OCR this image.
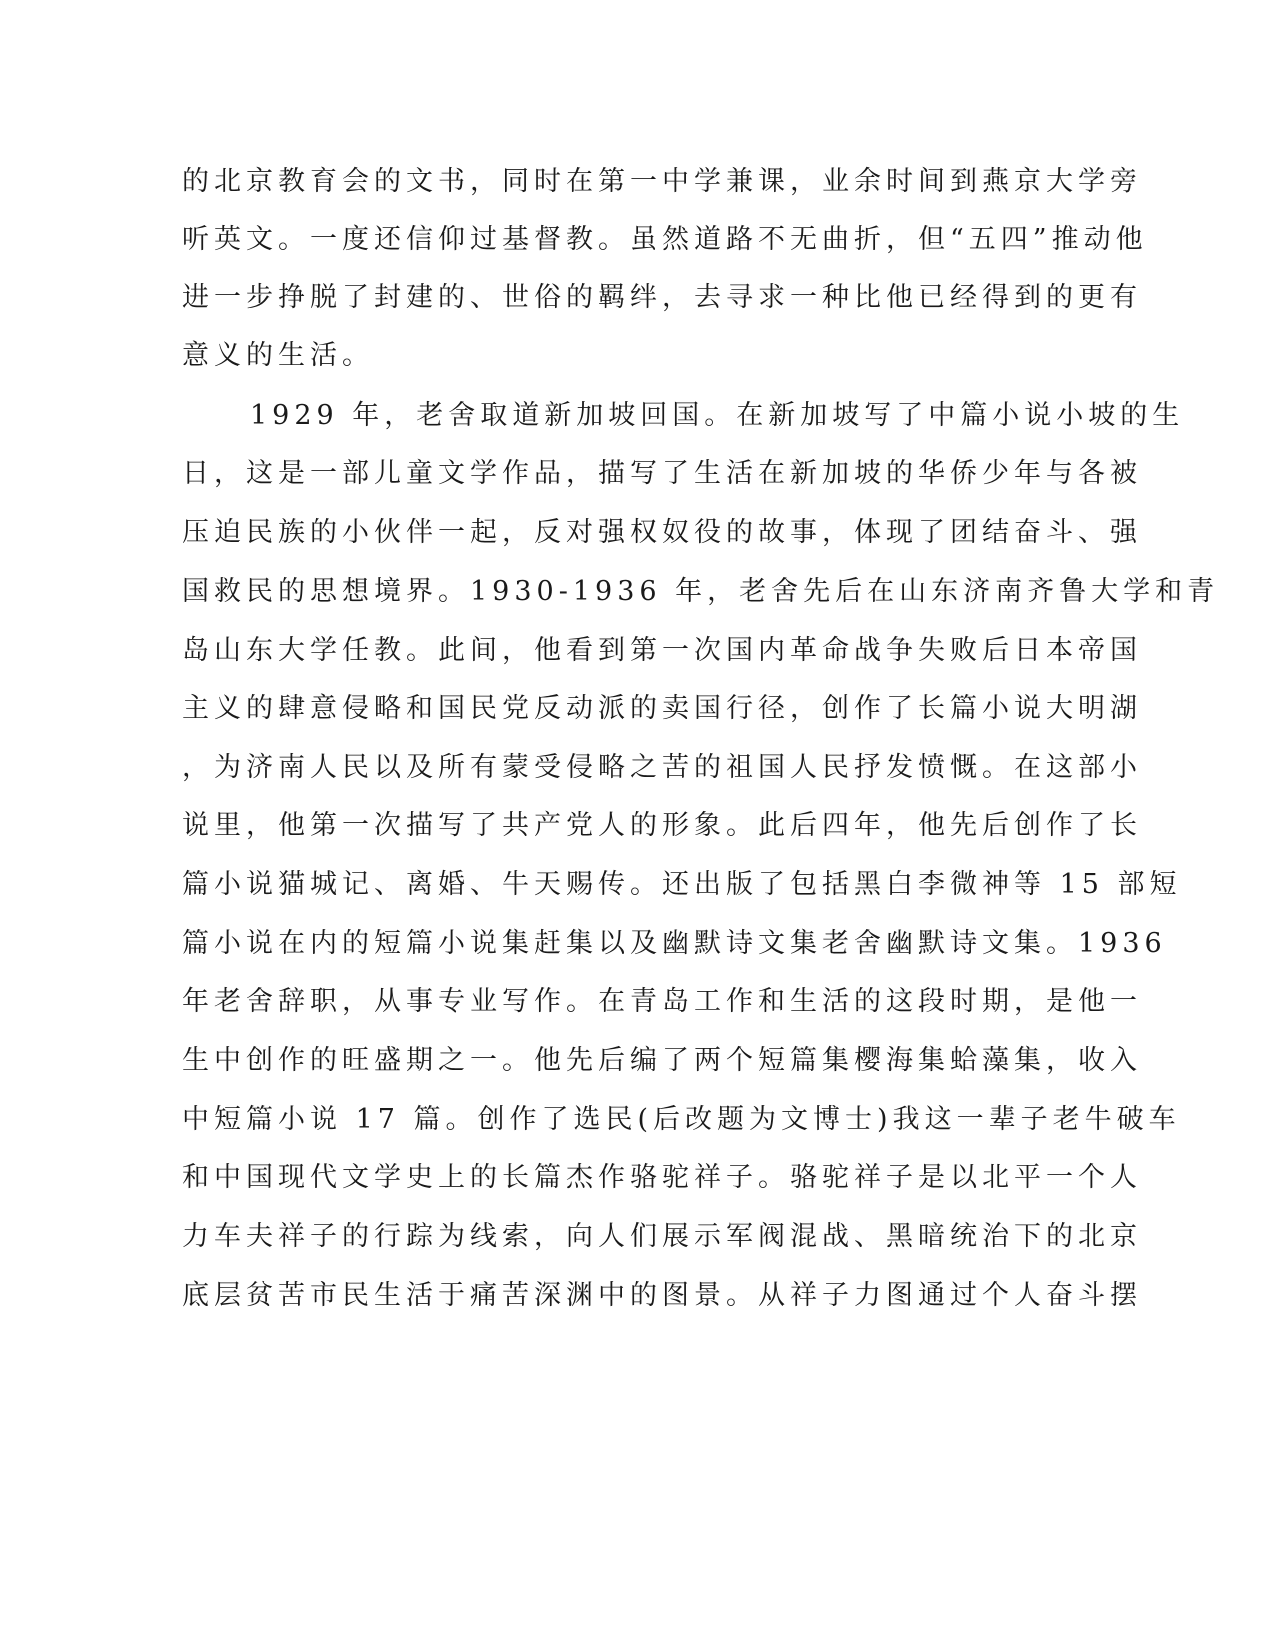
的北京教育会的文书，同时在第一中学兼课，业余时间到燕京大学旁
听英文。一度还信仰过基督教。虽然道路不无曲折，但“五四”推动他
进一步挣脱了封建的、世俗的羁绊，去寻求一种比他已经得到的更有
意义的生活。
1929 年，老舍取道新加坡回国。在新加坡写了中篇小说小坡的生
日，这是一部儿童文学作品，描写了生活在新加坡的华侨少年与各被
压迫民族的小伙伴一起，反对强权奴役的故事，体现了团结奋斗、强
国救民的思想境界。1930-1936 年，老舍先后在山东济南齐鲁大学和青
岛山东大学任教。此间，他看到第一次国内革命战争失败后日本帝国
主义的肆意侵略和国民党反动派的卖国行径，创作了长篇小说大明湖
，为济南人民以及所有蒙受侵略之苦的祖国人民抒发愤慨。在这部小
说里，他第一次描写了共产党人的形象。此后四年，他先后创作了长
篇小说猫城记、离婚、牛天赐传。还出版了包括黑白李微神等 15 部短
篇小说在内的短篇小说集赶集以及幽默诗文集老舍幽默诗文集。1936
年老舍辞职，从事专业写作。在青岛工作和生活的这段时期，是他一
生中创作的旺盛期之一。他先后编了两个短篇集樱海集蛤藻集，收入
中短篇小说 17 篇。创作了选民(后改题为文博士)我这一辈子老牛破车
和中国现代文学史上的长篇杰作骆驼祥子。骆驼祥子是以北平一个人
力车夫祥子的行踪为线索，向人们展示军阀混战、黑暗统治下的北京
底层贫苦市民生活于痛苦深渊中的图景。从祥子力图通过个人奋斗摆
